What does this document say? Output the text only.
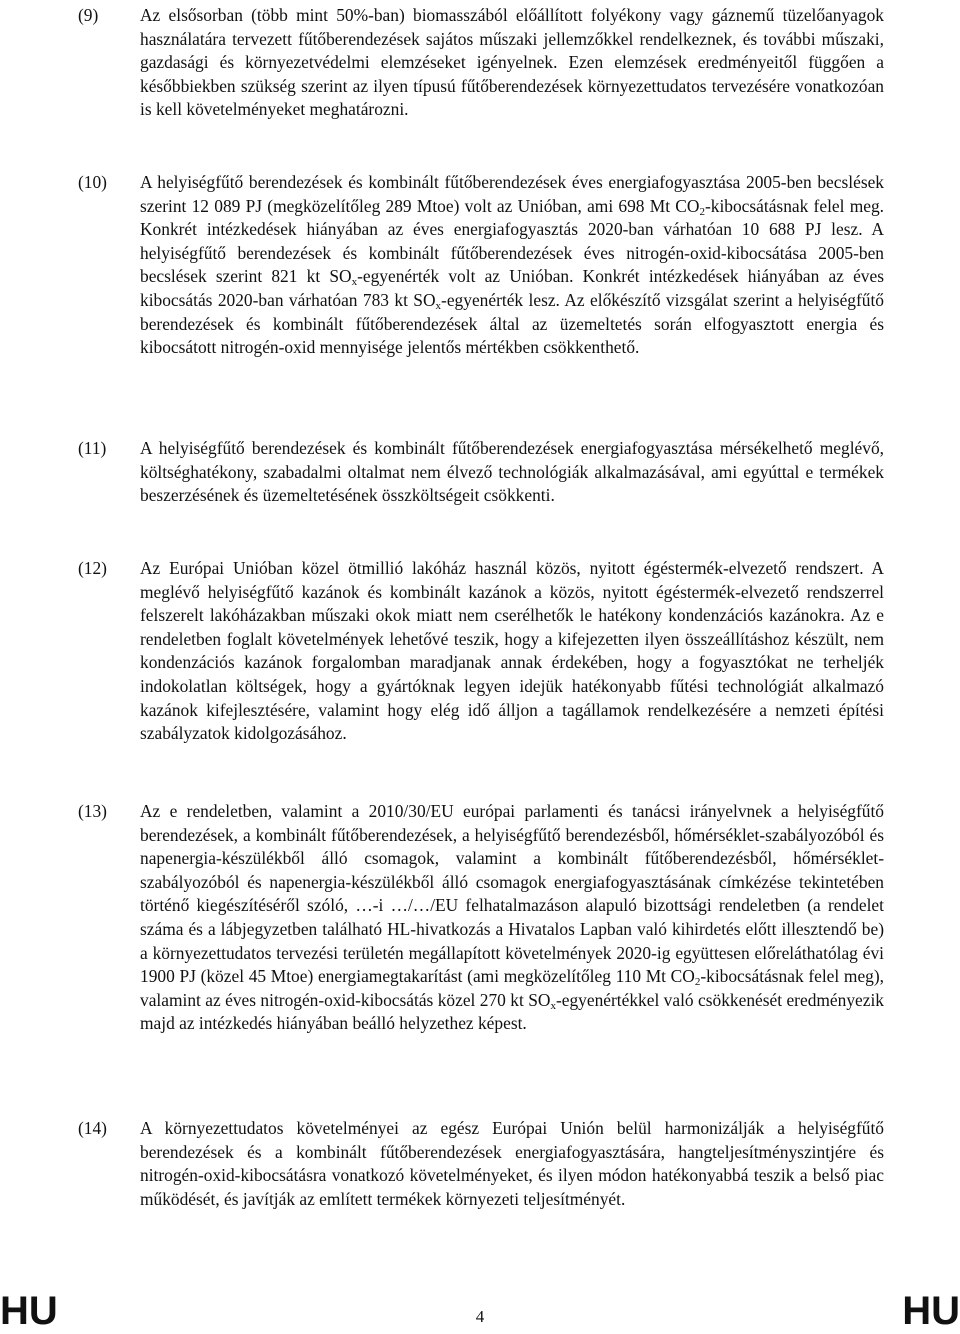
(9) Az elsősorban (több mint 50%-ban) biomasszából előállított folyékony vagy gáznemű tüzelőanyagok használatára tervezett fűtőberendezések sajátos műszaki jellemzőkkel rendelkeznek, és további műszaki, gazdasági és környezetvédelmi elemzéseket igényelnek. Ezen elemzések eredményeitől függően a későbbiekben szükség szerint az ilyen típusú fűtőberendezések környezettudatos tervezésére vonatkozóan is kell követelményeket meghatározni.
(10) A helyiségfűtő berendezések és kombinált fűtőberendezések éves energiafogyasztása 2005-ben becslések szerint 12 089 PJ (megközelítőleg 289 Mtoe) volt az Unióban, ami 698 Mt $CO_2$-kibocsátásnak felel meg. Konkrét intézkedések hiányában az éves energiafogyasztás 2020-ban várhatóan 10 688 PJ lesz. A helyiségfűtő berendezések és kombinált fűtőberendezések éves nitrogén-oxid-kibocsátása 2005-ben becslések szerint 821 kt $SO_x$-egyenérték volt az Unióban. Konkrét intézkedések hiányában az éves kibocsátás 2020-ban várhatóan 783 kt $SO_x$-egyenérték lesz. Az előkészítő vizsgálat szerint a helyiségfűtő berendezések és kombinált fűtőberendezések által az üzemeltetés során elfogyasztott energia és kibocsátott nitrogén-oxid mennyisége jelentős mértékben csökkenthető.
(11) A helyiségfűtő berendezések és kombinált fűtőberendezések energiafogyasztása mérsékelhető meglévő, költséghatékony, szabadalmi oltalmat nem élvező technológiák alkalmazásával, ami egyúttal e termékek beszerzésének és üzemeltetésének összköltségeit csökkenti.
(12) Az Európai Unióban közel ötmillió lakóház használ közös, nyitott égéstermék-elvezető rendszert. A meglévő helyiségfűtő kazánok és kombinált kazánok a közös, nyitott égéstermék-elvezető rendszerrel felszerelt lakóházakban műszaki okok miatt nem cserélhetők le hatékony kondenzációs kazánokra. Az e rendeletben foglalt követelmények lehetővé teszik, hogy a kifejezetten ilyen összeállításhoz készült, nem kondenzációs kazánok forgalomban maradjanak annak érdekében, hogy a fogyasztókat ne terheljék indokolatlan költségek, hogy a gyártóknak legyen idejük hatékonyabb fűtési technológiát alkalmazó kazánok kifejlesztésére, valamint hogy elég idő álljon a tagállamok rendelkezésére a nemzeti építési szabályzatok kidolgozásához.
(13) Az e rendeletben, valamint a 2010/30/EU európai parlamenti és tanácsi irányelvnek a helyiségfűtő berendezések, a kombinált fűtőberendezések, a helyiségfűtő berendezésből, hőmérséklet-szabályozóból és napenergia-készülékből álló csomagok, valamint a kombinált fűtőberendezésből, hőmérséklet-szabályozóból és napenergia-készülékből álló csomagok energiafogyasztásának címkézése tekintetében történő kiegészítéséről szóló, …-i …/…/EU felhatalmazáson alapuló bizottsági rendeletben (a rendelet száma és a lábjegyzetben található HL-hivatkozás a Hivatalos Lapban való kihirdetés előtt illesztendő be) a környezettudatos tervezési területén megállapított követelmények 2020-ig együttesen előreláthatólag évi 1900 PJ (közel 45 Mtoe) energiamegtakarítást (ami megközelítőleg 110 Mt $CO_2$-kibocsátásnak felel meg), valamint az éves nitrogén-oxid-kibocsátás közel 270 kt $SO_x$-egyenértékkel való csökkenését eredményezik majd az intézkedés hiányában beálló helyzethez képest.
(14) A környezettudatos követelményei az egész Európai Unión belül harmonizálják a helyiségfűtő berendezések és a kombinált fűtőberendezések energiafogyasztására, hangteljesítményszintjére és nitrogén-oxid-kibocsátásra vonatkozó követelményeket, és ilyen módon hatékonyabbá teszik a belső piac működését, és javítják az említett termékek környezeti teljesítményét.
HU	4	HU
